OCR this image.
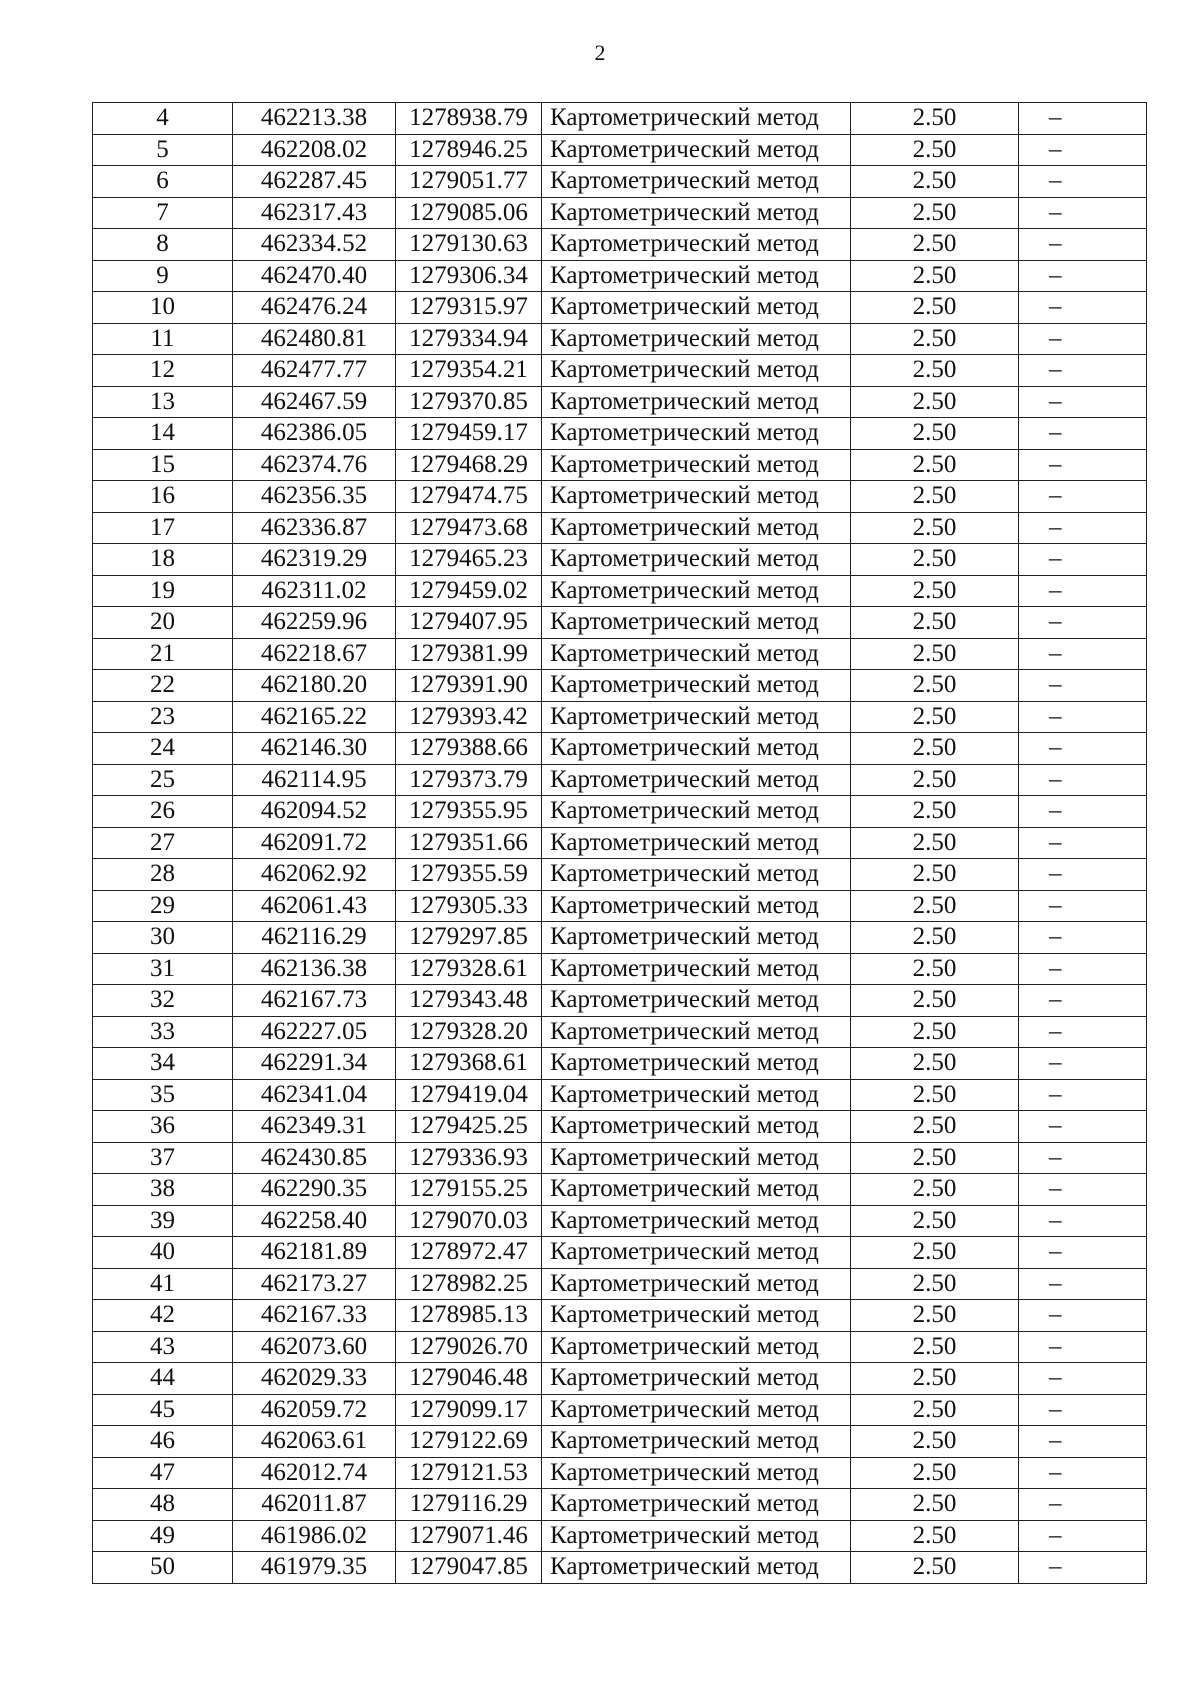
2
4	462213.38	1278938.79	Картометрический метод	2.50	–
5	462208.02	1278946.25	Картометрический метод	2.50	–
6	462287.45	1279051.77	Картометрический метод	2.50	–
7	462317.43	1279085.06	Картометрический метод	2.50	–
8	462334.52	1279130.63	Картометрический метод	2.50	–
9	462470.40	1279306.34	Картометрический метод	2.50	–
10	462476.24	1279315.97	Картометрический метод	2.50	–
11	462480.81	1279334.94	Картометрический метод	2.50	–
12	462477.77	1279354.21	Картометрический метод	2.50	–
13	462467.59	1279370.85	Картометрический метод	2.50	–
14	462386.05	1279459.17	Картометрический метод	2.50	–
15	462374.76	1279468.29	Картометрический метод	2.50	–
16	462356.35	1279474.75	Картометрический метод	2.50	–
17	462336.87	1279473.68	Картометрический метод	2.50	–
18	462319.29	1279465.23	Картометрический метод	2.50	–
19	462311.02	1279459.02	Картометрический метод	2.50	–
20	462259.96	1279407.95	Картометрический метод	2.50	–
21	462218.67	1279381.99	Картометрический метод	2.50	–
22	462180.20	1279391.90	Картометрический метод	2.50	–
23	462165.22	1279393.42	Картометрический метод	2.50	–
24	462146.30	1279388.66	Картометрический метод	2.50	–
25	462114.95	1279373.79	Картометрический метод	2.50	–
26	462094.52	1279355.95	Картометрический метод	2.50	–
27	462091.72	1279351.66	Картометрический метод	2.50	–
28	462062.92	1279355.59	Картометрический метод	2.50	–
29	462061.43	1279305.33	Картометрический метод	2.50	–
30	462116.29	1279297.85	Картометрический метод	2.50	–
31	462136.38	1279328.61	Картометрический метод	2.50	–
32	462167.73	1279343.48	Картометрический метод	2.50	–
33	462227.05	1279328.20	Картометрический метод	2.50	–
34	462291.34	1279368.61	Картометрический метод	2.50	–
35	462341.04	1279419.04	Картометрический метод	2.50	–
36	462349.31	1279425.25	Картометрический метод	2.50	–
37	462430.85	1279336.93	Картометрический метод	2.50	–
38	462290.35	1279155.25	Картометрический метод	2.50	–
39	462258.40	1279070.03	Картометрический метод	2.50	–
40	462181.89	1278972.47	Картометрический метод	2.50	–
41	462173.27	1278982.25	Картометрический метод	2.50	–
42	462167.33	1278985.13	Картометрический метод	2.50	–
43	462073.60	1279026.70	Картометрический метод	2.50	–
44	462029.33	1279046.48	Картометрический метод	2.50	–
45	462059.72	1279099.17	Картометрический метод	2.50	–
46	462063.61	1279122.69	Картометрический метод	2.50	–
47	462012.74	1279121.53	Картометрический метод	2.50	–
48	462011.87	1279116.29	Картометрический метод	2.50	–
49	461986.02	1279071.46	Картометрический метод	2.50	–
50	461979.35	1279047.85	Картометрический метод	2.50	–
